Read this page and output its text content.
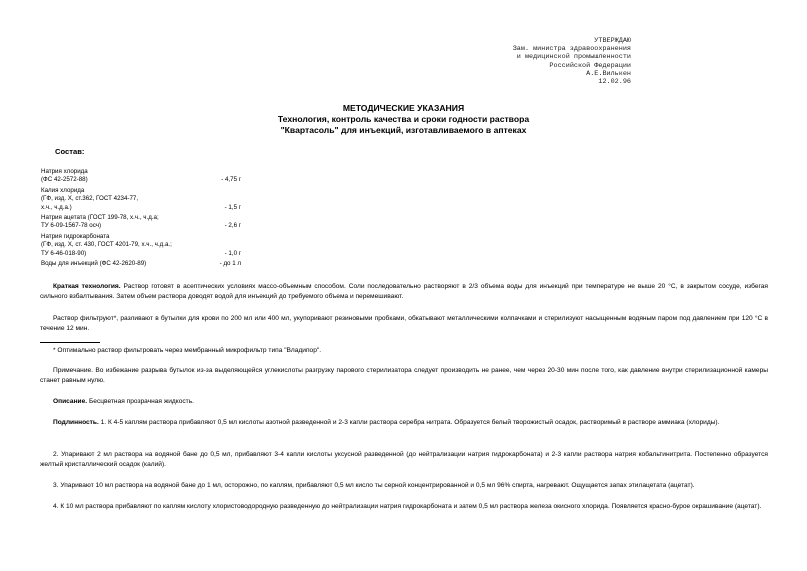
УТВЕРЖДАЮ
Зам. министра здравоохранения
и медицинской промышленности
Российской Федерации
А.Е.Вилькен
12.02.96
МЕТОДИЧЕСКИЕ УКАЗАНИЯ
Технология, контроль качества и сроки годности раствора
"Квартасоль" для инъекций, изготавливаемого в аптеках
Состав:
Натрия хлорида
(ФС 42-2572-88)	- 4,75 г
Калия хлорида
(ГФ, изд. X, ст.362, ГОСТ 4234-77,
х.ч., ч.д.а.)	- 1,5 г
Натрия ацетата (ГОСТ 199-78, х.ч., ч.д.а;
ТУ 6-09-1567-78 осч)	- 2,6 г
Натрия гидрокарбоната
(ГФ, изд. X, ст. 430, ГОСТ 4201-79, х.ч., ч.д.а.;
ТУ 6-46-018-90)	- 1,0 г
Воды для инъекций (ФС 42-2620-89)	- до 1 л

Краткая технология. Раствор готовят в асептических условиях массо-объемным способом. Соли последовательно растворяют в 2/3 объема воды для инъекций при температуре не выше 20 °С, в закрытом сосуде, избегая сильного взбалтывания. Затем объем раствора доводят водой для инъекций до требуемого объема и перемешивают.

Раствор фильтруют*, разливают в бутылки для крови по 200 мл или 400 мл, укупоривают резиновыми пробками, обкатывают металлическими колпачками и стерилизуют насыщенным водяным паром под давлением при 120 °С в течение 12 мин.

* Оптимально раствор фильтровать через мембранный микрофильтр типа "Владипор".

Примечание. Во избежание разрыва бутылок из-за выделяющейся углекислоты разгрузку парового стерилизатора следует производить не ранее, чем через 20-30 мин после того, как давление внутри стерилизационной камеры станет равным нулю.

Описание. Бесцветная прозрачная жидкость.

Подлинность. 1. К 4-5 каплям раствора прибавляют 0,5 мл кислоты азотной разведенной и 2-3 капли раствора серебра нитрата. Образуется белый творожистый осадок, растворимый в растворе аммиака (хлориды).

2. Упаривают 2 мл раствора на водяной бане до 0,5 мл, прибавляют 3-4 капли кислоты уксусной разведенной (до нейтрализации натрия гидрокарбоната) и 2-3 капли раствора натрия кобальтинитрита. Постепенно образуется желтый кристаллический осадок (калий).

3. Упаривают 10 мл раствора на водяной бане до 1 мл, осторожно, по каплям, прибавляют 0,5 мл кисло ты серной концентрированной и 0,5 мл 96% спирта, нагревают. Ощущается запах этилацетата (ацетат).

4. К 10 мл раствора прибавляют по каплям кислоту хлористоводородную разведенную до нейтрализации натрия гидрокарбоната и затем 0,5 мл раствора железа окисного хлорида. Появляется красно-бурое окрашивание (ацетат).
